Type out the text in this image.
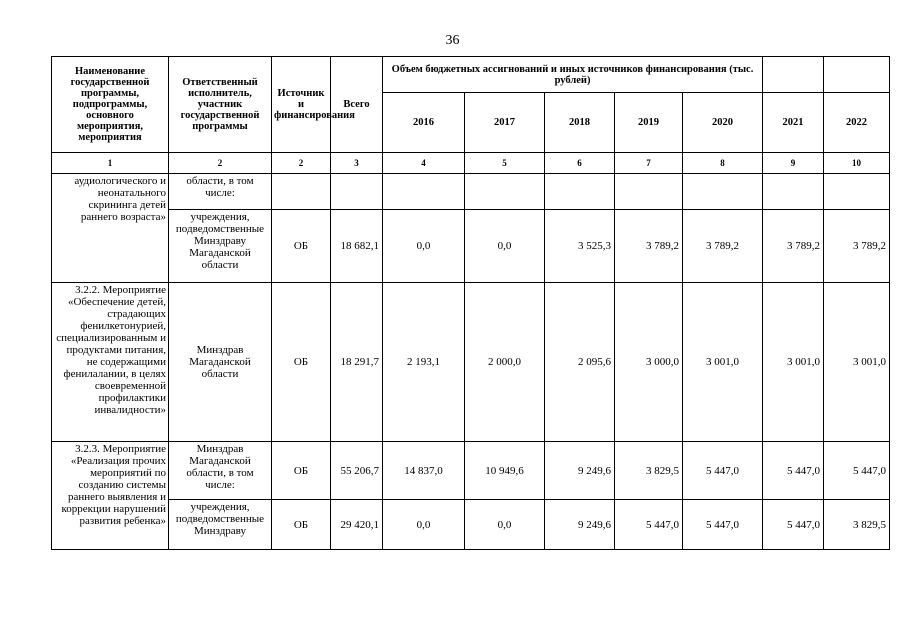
36
Наименование государственной программы, подпрограммы, основного мероприятия, мероприятия	Ответственный исполнитель, участник государственной программы	Источник и финансирования	Всего	Объем бюджетных ассигнований и иных источников финансирования (тыс. рублей)						
				2016	2017	2018	2019	2020	2021	2022
1	2	2	3	4	5	6	7	8	9	10
аудиологического и неонатального скрининга детей раннего возраста»	области, в том числе:									
	учреждения, подведомственные Минздраву Магаданской области	ОБ	18 682,1	0,0	0,0	3 525,3	3 789,2	3 789,2	3 789,2	3 789,2
3.2.2. Мероприятие «Обеспечение детей, страдающих фенилкетонурией, специализированным и продуктами питания, не содержащими фенилалании, в целях своевременной профилактики инвалидности»	Минздрав Магаданской области	ОБ	18 291,7	2 193,1	2 000,0	2 095,6	3 000,0	3 001,0	3 001,0	3 001,0
3.2.3. Мероприятие «Реализация прочих мероприятий по созданию системы раннего выявления и коррекции нарушений развития ребенка»	Минздрав Магаданской области, в том числе:	ОБ	55 206,7	14 837,0	10 949,6	9 249,6	3 829,5	5 447,0	5 447,0	5 447,0
	учреждения, подведомственные Минздраву	ОБ	29 420,1	0,0	0,0	9 249,6	5 447,0	5 447,0	5 447,0	3 829,5
